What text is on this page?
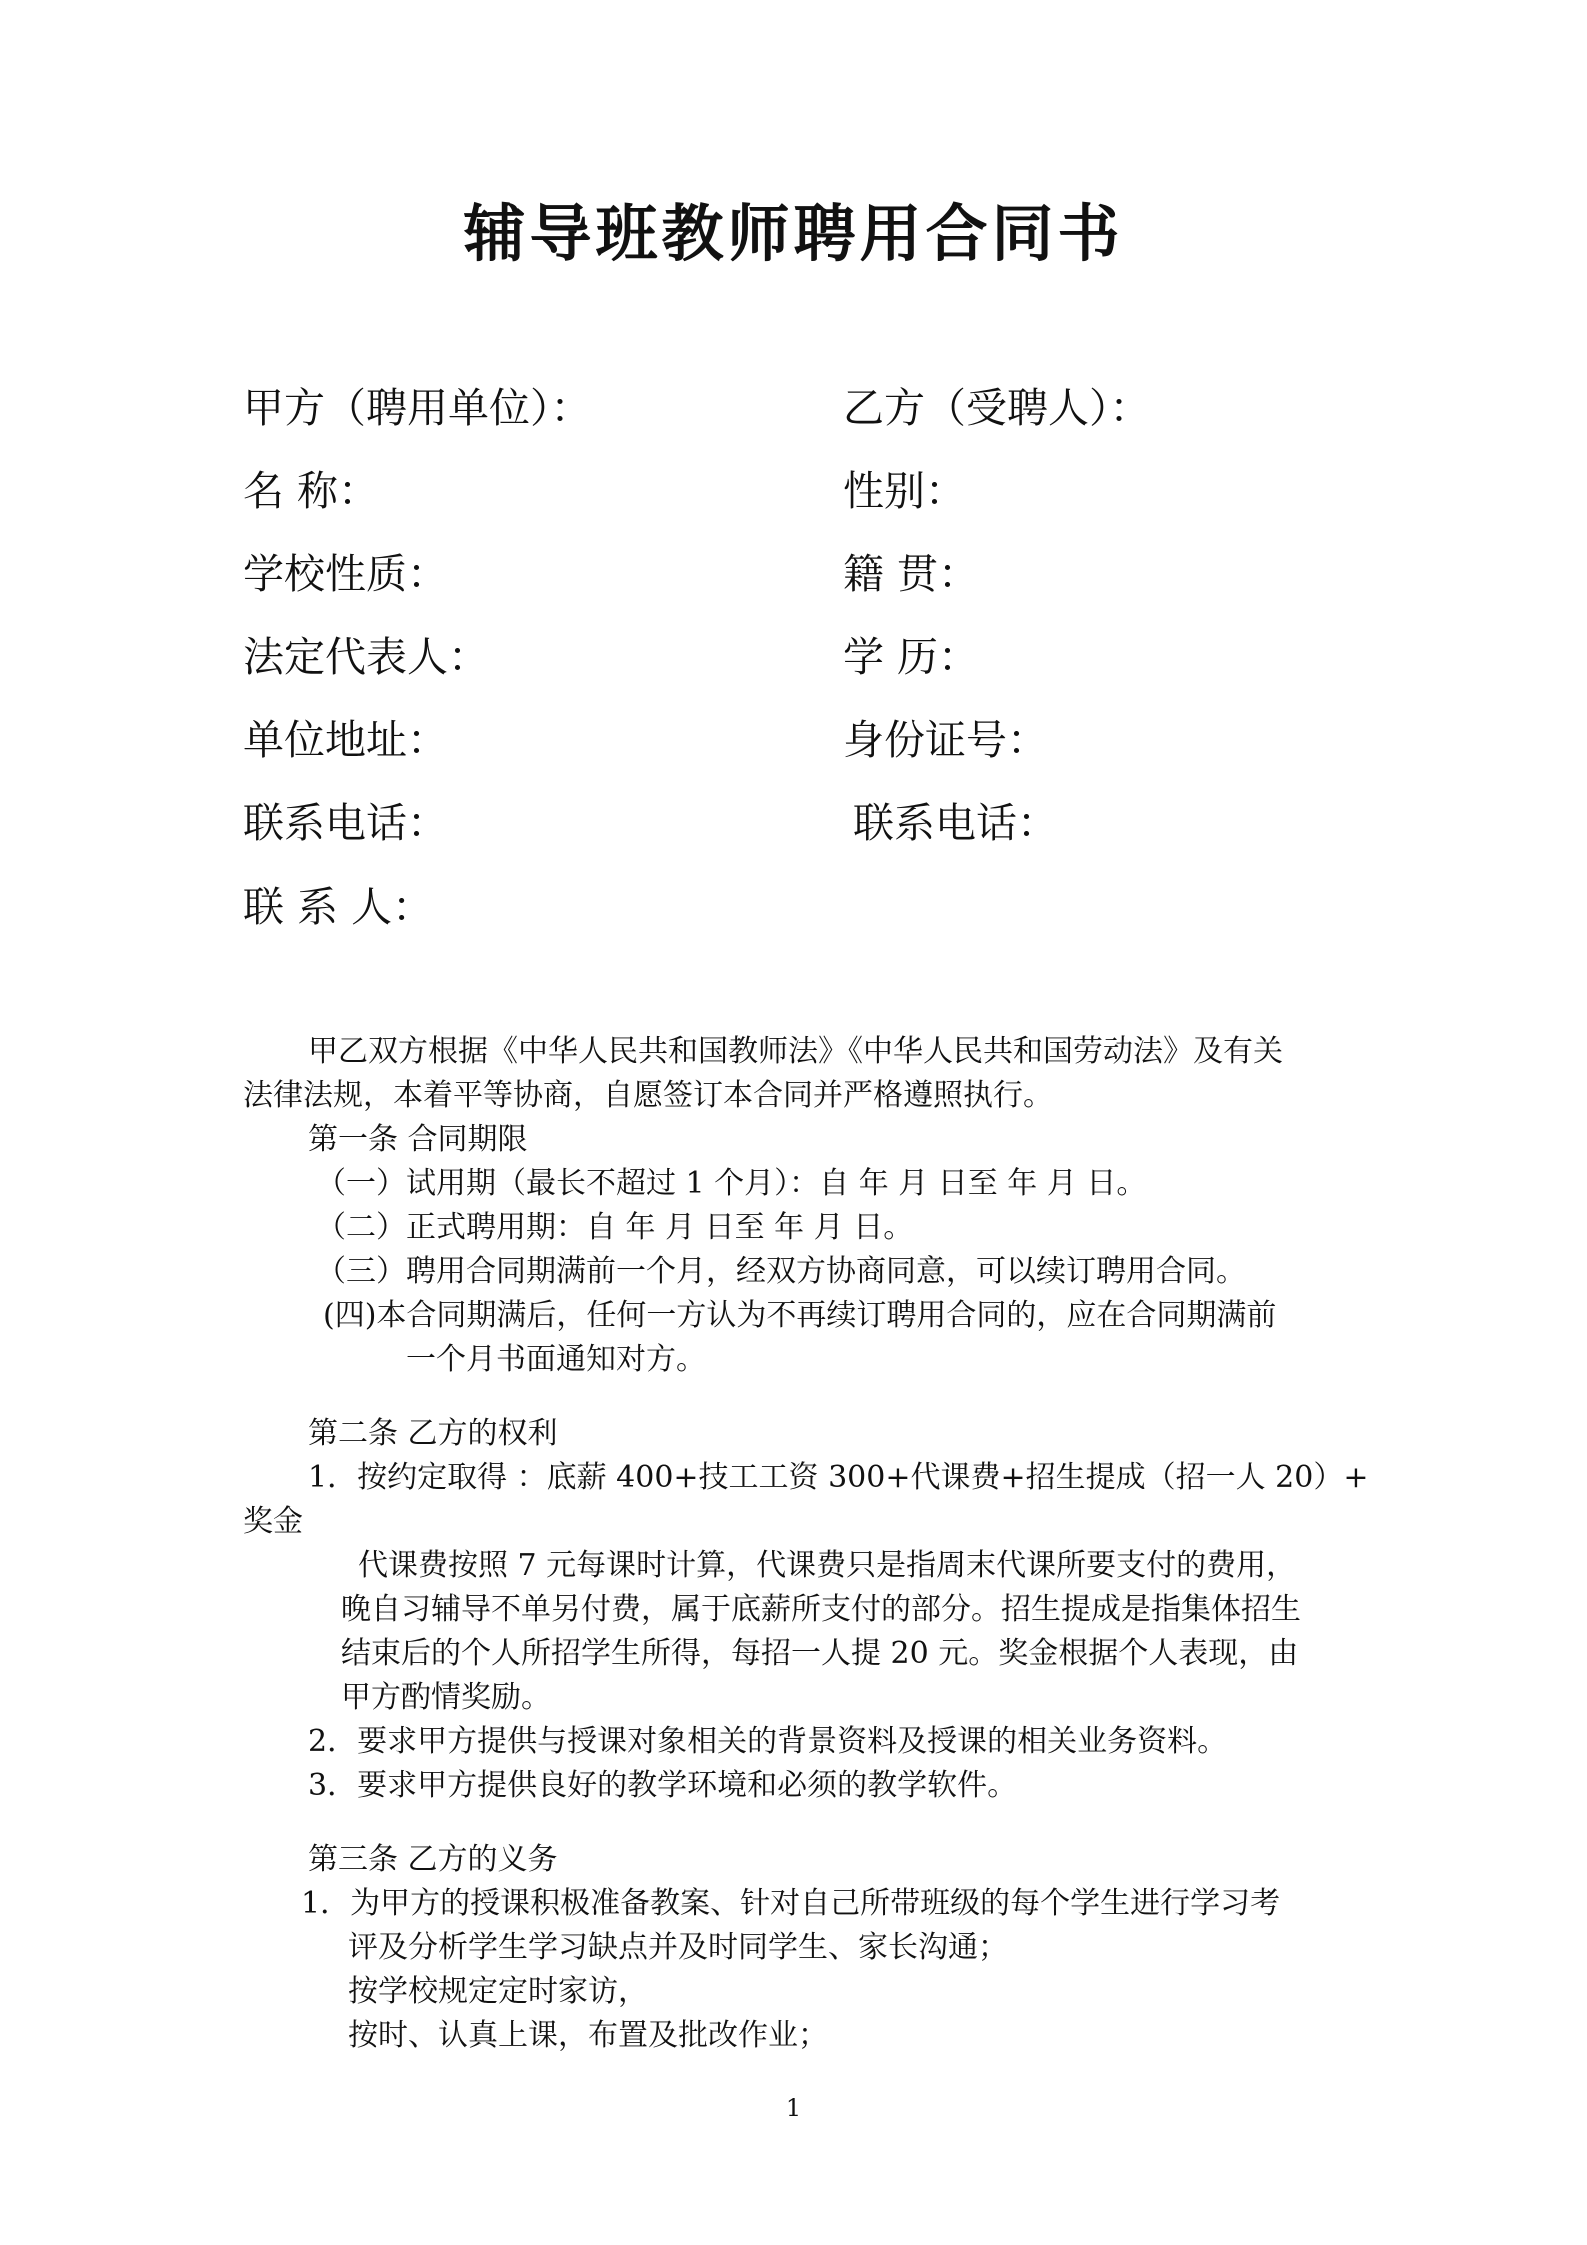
辅导班教师聘用合同书
甲方（聘用单位）：
名 称：
学校性质：
法定代表人：
单位地址：
联系电话：
联 系 人：
乙方（受聘人）：
性别：
籍 贯：
学 历：
身份证号：
联系电话：
甲乙双方根据《中华人民共和国教师法》《中华人民共和国劳动法》及有关
法律法规，本着平等协商，自愿签订本合同并严格遵照执行。
第一条 合同期限
（一）试用期（最长不超过 1 个月）：自 年 月 日至 年 月 日。
（二）正式聘用期：自 年 月 日至 年 月 日。
（三）聘用合同期满前一个月，经双方协商同意，可以续订聘用合同。
(四)本合同期满后，任何一方认为不再续订聘用合同的，应在合同期满前
一个月书面通知对方。
第二条 乙方的权利
1．按约定取得 ：底薪 400+技工工资 300+代课费+招生提成（招一人 20）+
奖金
代课费按照 7 元每课时计算，代课费只是指周末代课所要支付的费用，
晚自习辅导不单另付费，属于底薪所支付的部分。招生提成是指集体招生
结束后的个人所招学生所得，每招一人提 20 元。奖金根据个人表现，由
甲方酌情奖励。
2．要求甲方提供与授课对象相关的背景资料及授课的相关业务资料。
3．要求甲方提供良好的教学环境和必须的教学软件。
第三条 乙方的义务
1．为甲方的授课积极准备教案、针对自己所带班级的每个学生进行学习考
评及分析学生学习缺点并及时同学生、家长沟通；
按学校规定定时家访，
按时、认真上课，布置及批改作业；
1
